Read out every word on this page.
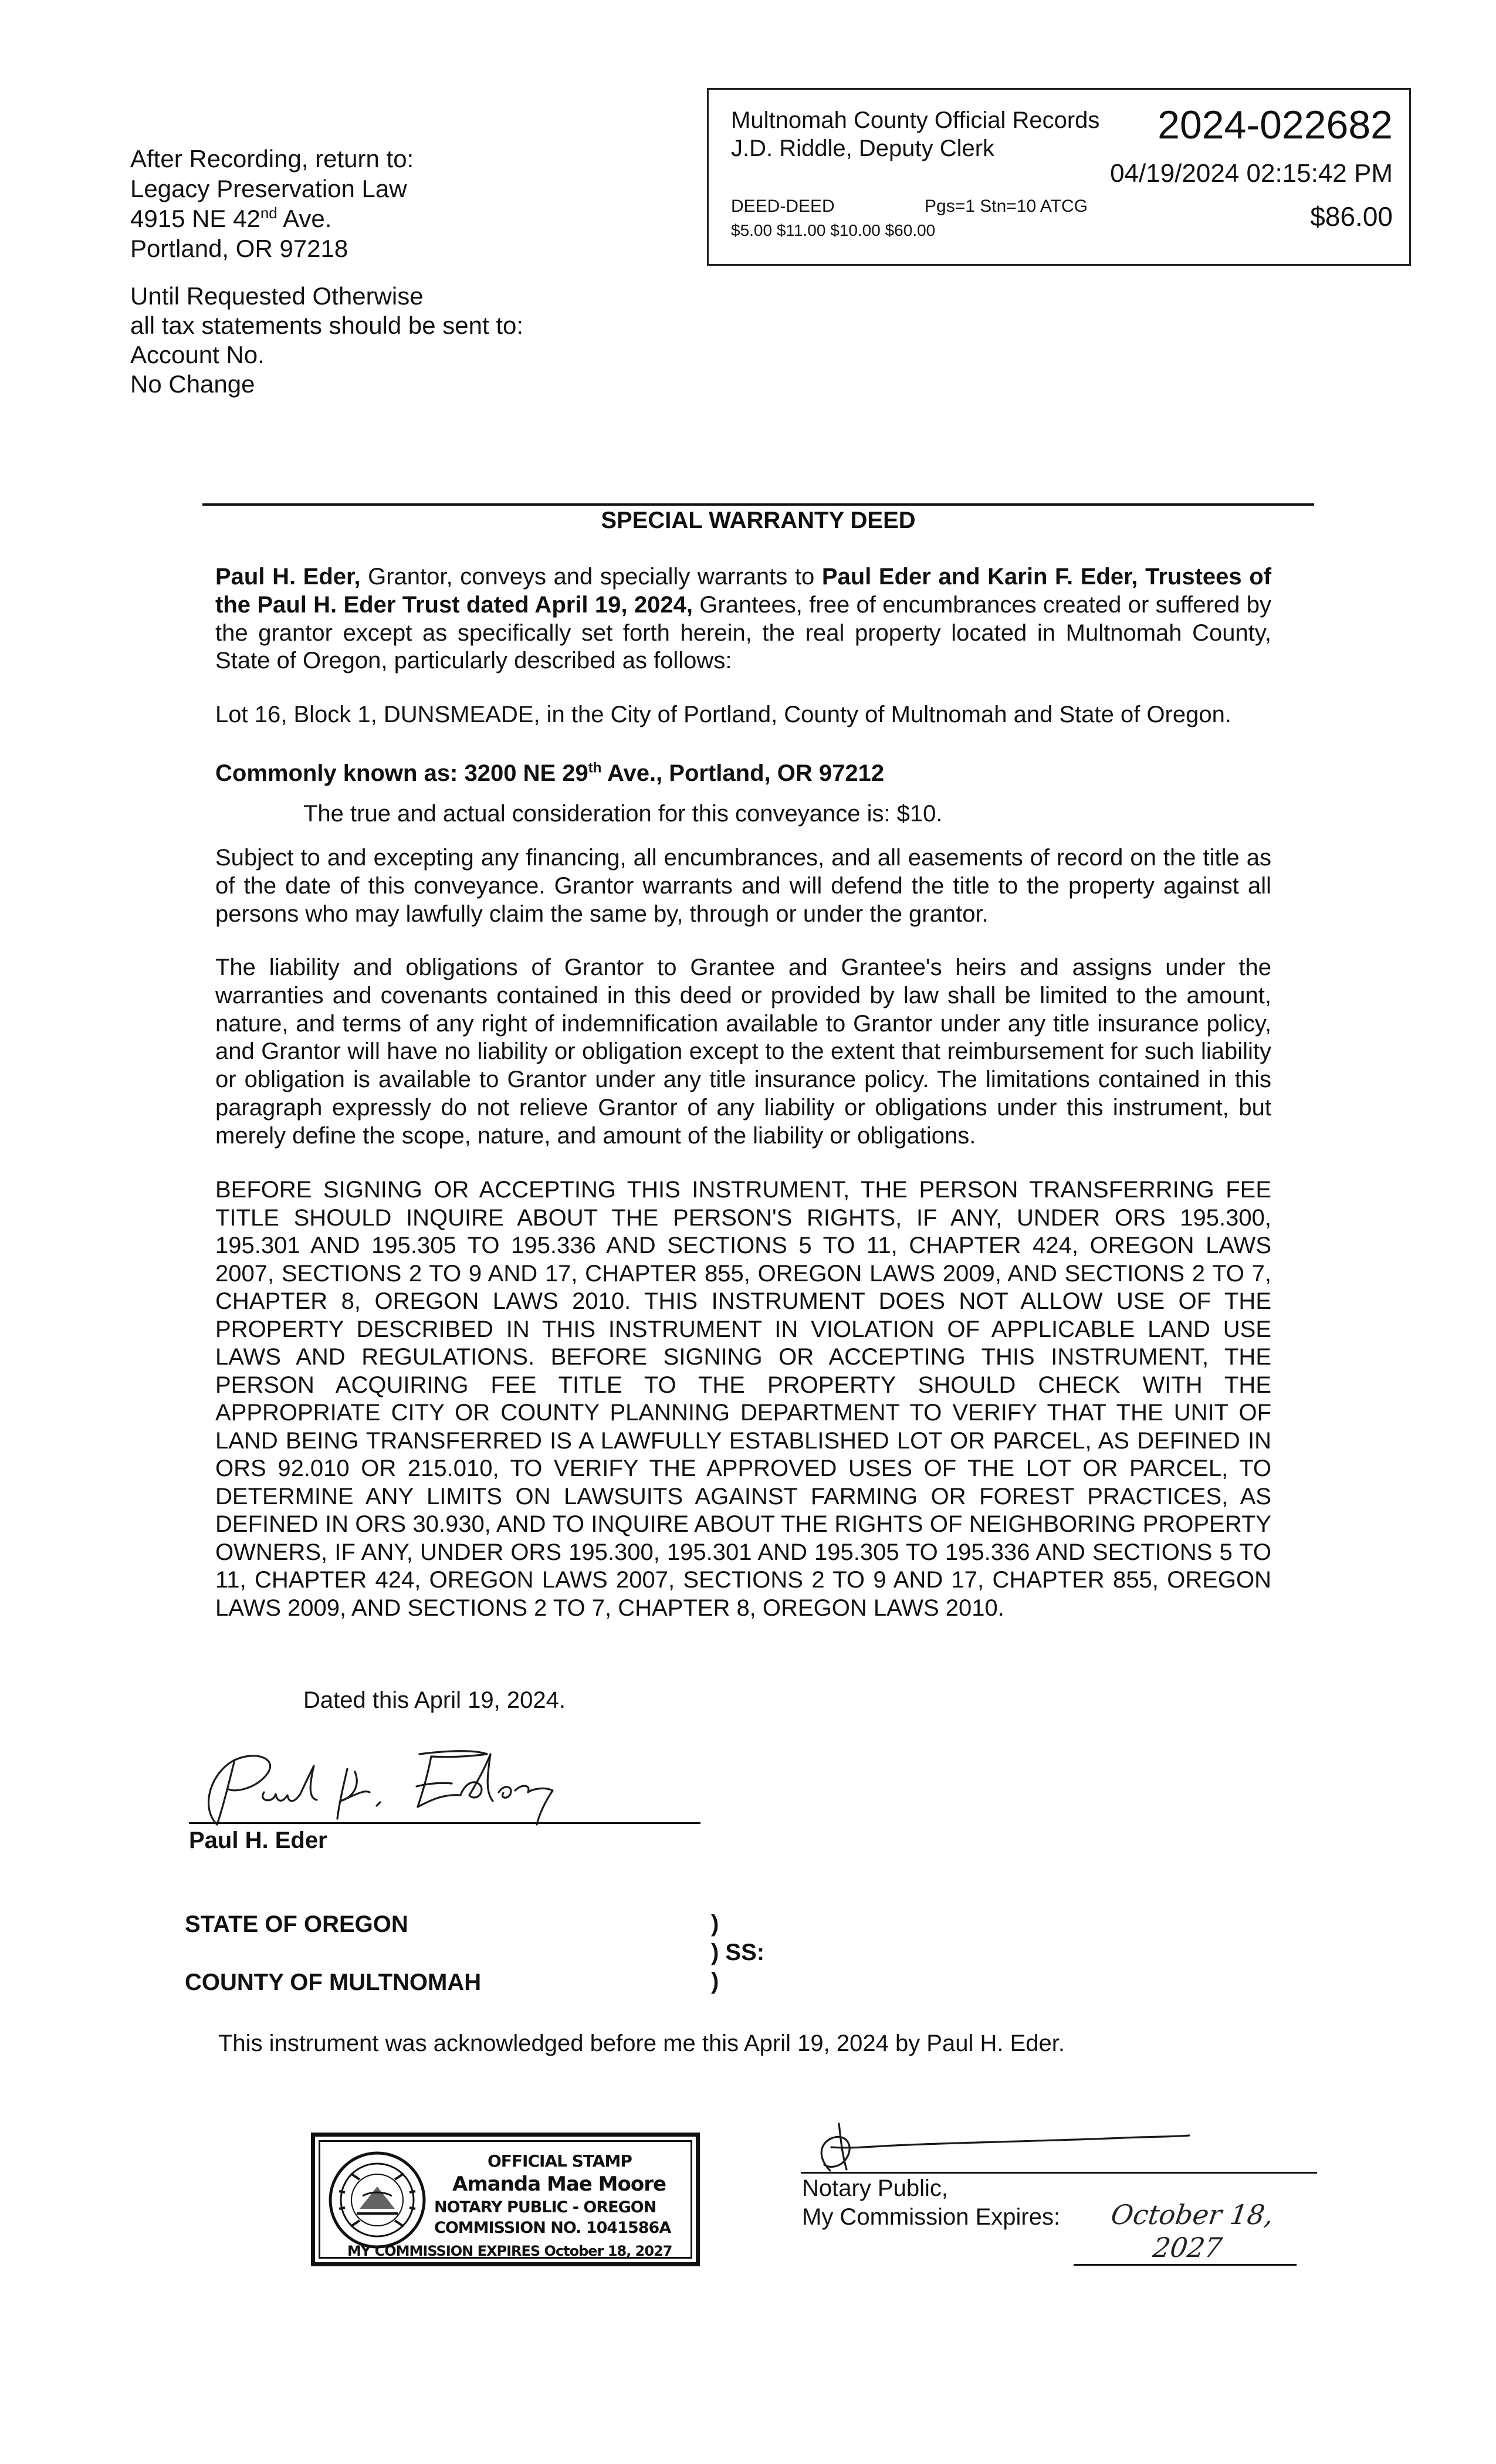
After Recording, return to:
Legacy Preservation Law
4915 NE 42nd Ave.
Portland, OR 97218
Until Requested Otherwise
all tax statements should be sent to:
Account No.
No Change
Multnomah County Official Records
J.D. Riddle, Deputy Clerk
2024-022682
04/19/2024 02:15:42 PM
DEED-DEED	Pgs=1 Stn=10 ATCG
$5.00 $11.00 $10.00 $60.00	$86.00
SPECIAL WARRANTY DEED
Paul H. Eder, Grantor, conveys and specially warrants to Paul Eder and Karin F. Eder, Trustees of the Paul H. Eder Trust dated April 19, 2024, Grantees, free of encumbrances created or suffered by the grantor except as specifically set forth herein, the real property located in Multnomah County, State of Oregon, particularly described as follows:
Lot 16, Block 1, DUNSMEADE, in the City of Portland, County of Multnomah and State of Oregon.
Commonly known as: 3200 NE 29th Ave., Portland, OR 97212
The true and actual consideration for this conveyance is: $10.
Subject to and excepting any financing, all encumbrances, and all easements of record on the title as of the date of this conveyance. Grantor warrants and will defend the title to the property against all persons who may lawfully claim the same by, through or under the grantor.
The liability and obligations of Grantor to Grantee and Grantee's heirs and assigns under the warranties and covenants contained in this deed or provided by law shall be limited to the amount, nature, and terms of any right of indemnification available to Grantor under any title insurance policy, and Grantor will have no liability or obligation except to the extent that reimbursement for such liability or obligation is available to Grantor under any title insurance policy. The limitations contained in this paragraph expressly do not relieve Grantor of any liability or obligations under this instrument, but merely define the scope, nature, and amount of the liability or obligations.
BEFORE SIGNING OR ACCEPTING THIS INSTRUMENT, THE PERSON TRANSFERRING FEE TITLE SHOULD INQUIRE ABOUT THE PERSON'S RIGHTS, IF ANY, UNDER ORS 195.300, 195.301 AND 195.305 TO 195.336 AND SECTIONS 5 TO 11, CHAPTER 424, OREGON LAWS 2007, SECTIONS 2 TO 9 AND 17, CHAPTER 855, OREGON LAWS 2009, AND SECTIONS 2 TO 7, CHAPTER 8, OREGON LAWS 2010. THIS INSTRUMENT DOES NOT ALLOW USE OF THE PROPERTY DESCRIBED IN THIS INSTRUMENT IN VIOLATION OF APPLICABLE LAND USE LAWS AND REGULATIONS. BEFORE SIGNING OR ACCEPTING THIS INSTRUMENT, THE PERSON ACQUIRING FEE TITLE TO THE PROPERTY SHOULD CHECK WITH THE APPROPRIATE CITY OR COUNTY PLANNING DEPARTMENT TO VERIFY THAT THE UNIT OF LAND BEING TRANSFERRED IS A LAWFULLY ESTABLISHED LOT OR PARCEL, AS DEFINED IN ORS 92.010 OR 215.010, TO VERIFY THE APPROVED USES OF THE LOT OR PARCEL, TO DETERMINE ANY LIMITS ON LAWSUITS AGAINST FARMING OR FOREST PRACTICES, AS DEFINED IN ORS 30.930, AND TO INQUIRE ABOUT THE RIGHTS OF NEIGHBORING PROPERTY OWNERS, IF ANY, UNDER ORS 195.300, 195.301 AND 195.305 TO 195.336 AND SECTIONS 5 TO 11, CHAPTER 424, OREGON LAWS 2007, SECTIONS 2 TO 9 AND 17, CHAPTER 855, OREGON LAWS 2009, AND SECTIONS 2 TO 7, CHAPTER 8, OREGON LAWS 2010.
Dated this April 19, 2024.
Paul H. Eder
STATE OF OREGON
COUNTY OF MULTNOMAH
)
) SS:
)
This instrument was acknowledged before me this April 19, 2024 by Paul H. Eder.
OFFICIAL STAMP
Amanda Mae Moore
NOTARY PUBLIC - OREGON
COMMISSION NO. 1041586A
MY COMMISSION EXPIRES October 18, 2027
Notary Public,
My Commission Expires:	October 18, 2027
